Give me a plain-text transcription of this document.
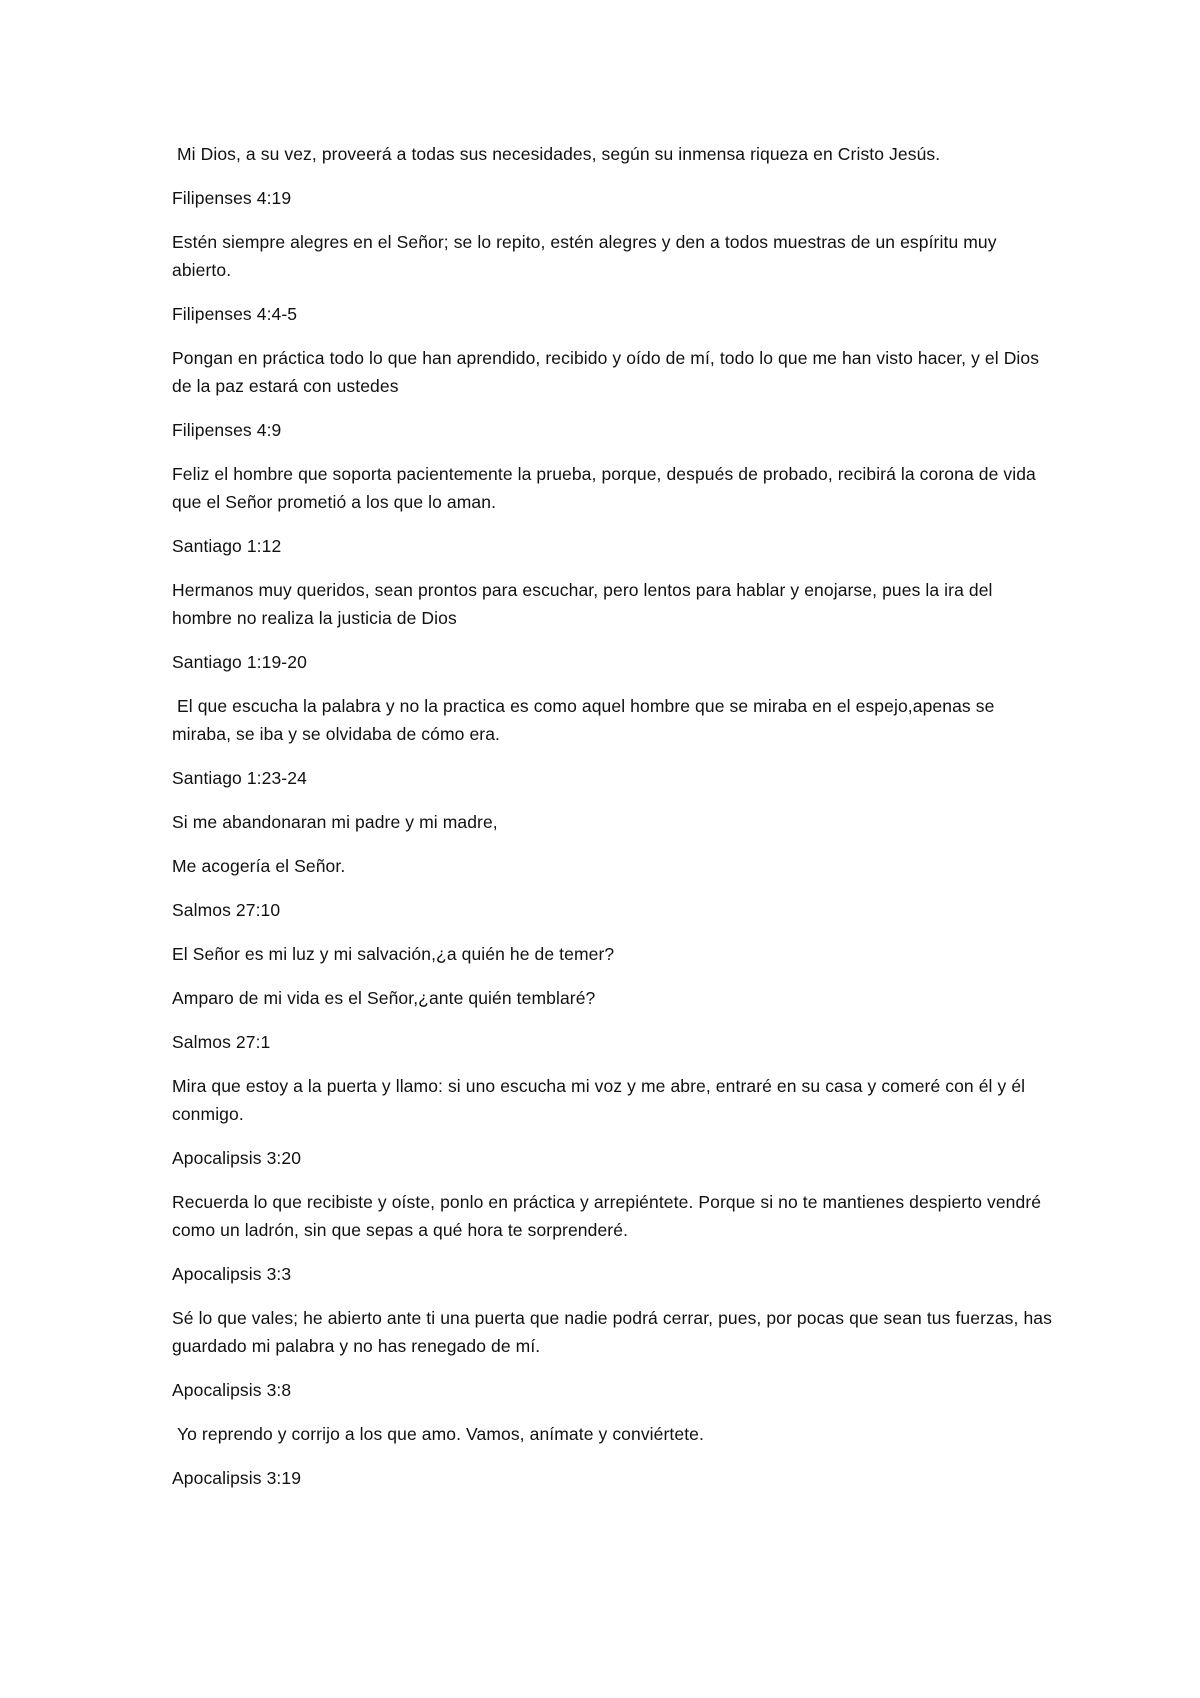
Mi Dios, a su vez, proveerá a todas sus necesidades, según su inmensa riqueza en Cristo Jesús.

Filipenses 4:19

Estén siempre alegres en el Señor; se lo repito, estén alegres y den a todos muestras de un espíritu muy abierto.

Filipenses 4:4-5

Pongan en práctica todo lo que han aprendido, recibido y oído de mí, todo lo que me han visto hacer, y el Dios de la paz estará con ustedes

Filipenses 4:9

Feliz el hombre que soporta pacientemente la prueba, porque, después de probado, recibirá la corona de vida que el Señor prometió a los que lo aman.

Santiago 1:12

Hermanos muy queridos, sean prontos para escuchar, pero lentos para hablar y enojarse, pues la ira del hombre no realiza la justicia de Dios

Santiago 1:19-20

El que escucha la palabra y no la practica es como aquel hombre que se miraba en el espejo,apenas se miraba, se iba y se olvidaba de cómo era.

Santiago 1:23-24

Si me abandonaran mi padre y mi madre,

Me acogería el Señor.

Salmos 27:10

El Señor es mi luz y mi salvación,¿a quién he de temer?

Amparo de mi vida es el Señor,¿ante quién temblaré?

Salmos 27:1

Mira que estoy a la puerta y llamo: si uno escucha mi voz y me abre, entraré en su casa y comeré con él y él conmigo.

Apocalipsis 3:20

Recuerda lo que recibiste y oíste, ponlo en práctica y arrepiéntete. Porque si no te mantienes despierto vendré como un ladrón, sin que sepas a qué hora te sorprenderé.

Apocalipsis 3:3

Sé lo que vales; he abierto ante ti una puerta que nadie podrá cerrar, pues, por pocas que sean tus fuerzas, has guardado mi palabra y no has renegado de mí.

Apocalipsis 3:8

Yo reprendo y corrijo a los que amo. Vamos, anímate y conviértete.

Apocalipsis 3:19
